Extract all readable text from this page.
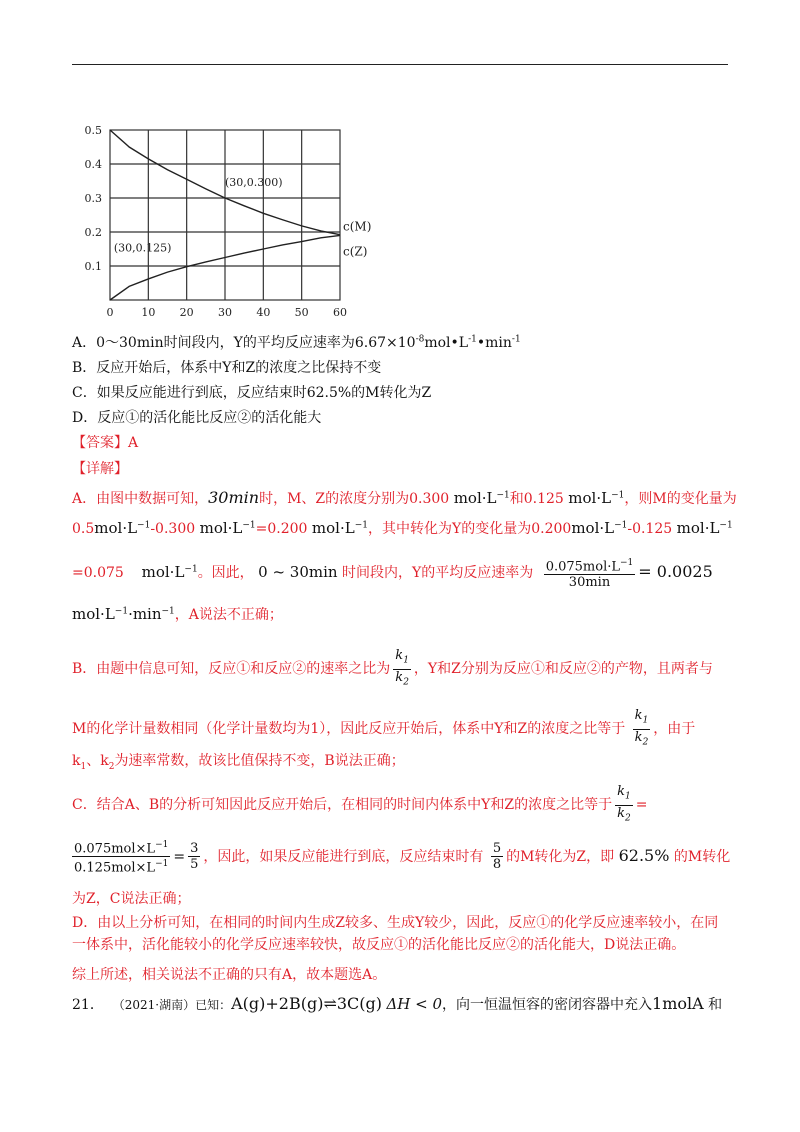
0	10 20 30 40 50 60
0.1
0.2
0.3
0.4
0.5
c(M)
c(Z)
(30,0.300)
(30,0.125)
A．0～30min时间段内，Y的平均反应速率为$6.67\times 10^{-8}mol•L^{-1}•\min^{-1}$
B．反应开始后，体系中Y和Z的浓度之比保持不变
C．如果反应能进行到底，反应结束时62.5%的M转化为Z
D．反应①的活化能比反应②的活化能大
【答案】A
【详解】
A．由图中数据可知，30min时，M、Z的浓度分别为0.300 $mol\cdot L^{-1}$和0.125 $mol\cdot L^{-1}$，则M的变化量为
$0.5mol\cdot L^{-1}-0.300$ $mol\cdot L^{-1}=0.200$ $mol\cdot L^{-1}$，其中转化为Y的变化量为$0.200mol\cdot L^{-1}-0.125$ $mol\cdot L^{-1}$
=0.075 $mol\cdot L^{-1}$。因此， 0 ~ 30min 时间段内，Y的平均反应速率为 $\frac{0.075mol\cdot L^{-1}}{30\min} = 0.0025$
$mol\cdot L^{-1}\cdot\min^{-1}$，A说法不正确；
B．由题中信息可知，反应①和反应②的速率之比为 $\frac{k_1}{k_2}$ ，Y和Z分别为反应①和反应②的产物，且两者与
M的化学计量数相同（化学计量数均为1），因此反应开始后，体系中Y和Z的浓度之比等于 $\frac{k_1}{k_2}$ ，由于
$k_1$、$k_2$为速率常数，故该比值保持不变，B说法正确；
C．结合A、B的分析可知因此反应开始后，在相同的时间内体系中Y和Z的浓度之比等于 $\frac{k_1}{k_2}$ =
$\frac{0.075mol\times L^{-1}}{0.125mol\times L^{-1}} = \frac{3}{5}$ ，因此，如果反应能进行到底，反应结束时有 $\frac{5}{8}$ 的M转化为Z，即 62.5% 的M转化
为Z，C说法正确；
D．由以上分析可知，在相同的时间内生成Z较多、生成Y较少，因此，反应①的化学反应速率较小，在同一体系中，活化能较小的化学反应速率较快，故反应①的活化能比反应②的活化能大，D说法正确。
综上所述，相关说法不正确的只有A，故本题选A。
21． （2021·湖南）已知：A(g)+2B(g)⇌3C(g) ΔH < 0，向一恒温恒容的密闭容器中充入1molA 和
